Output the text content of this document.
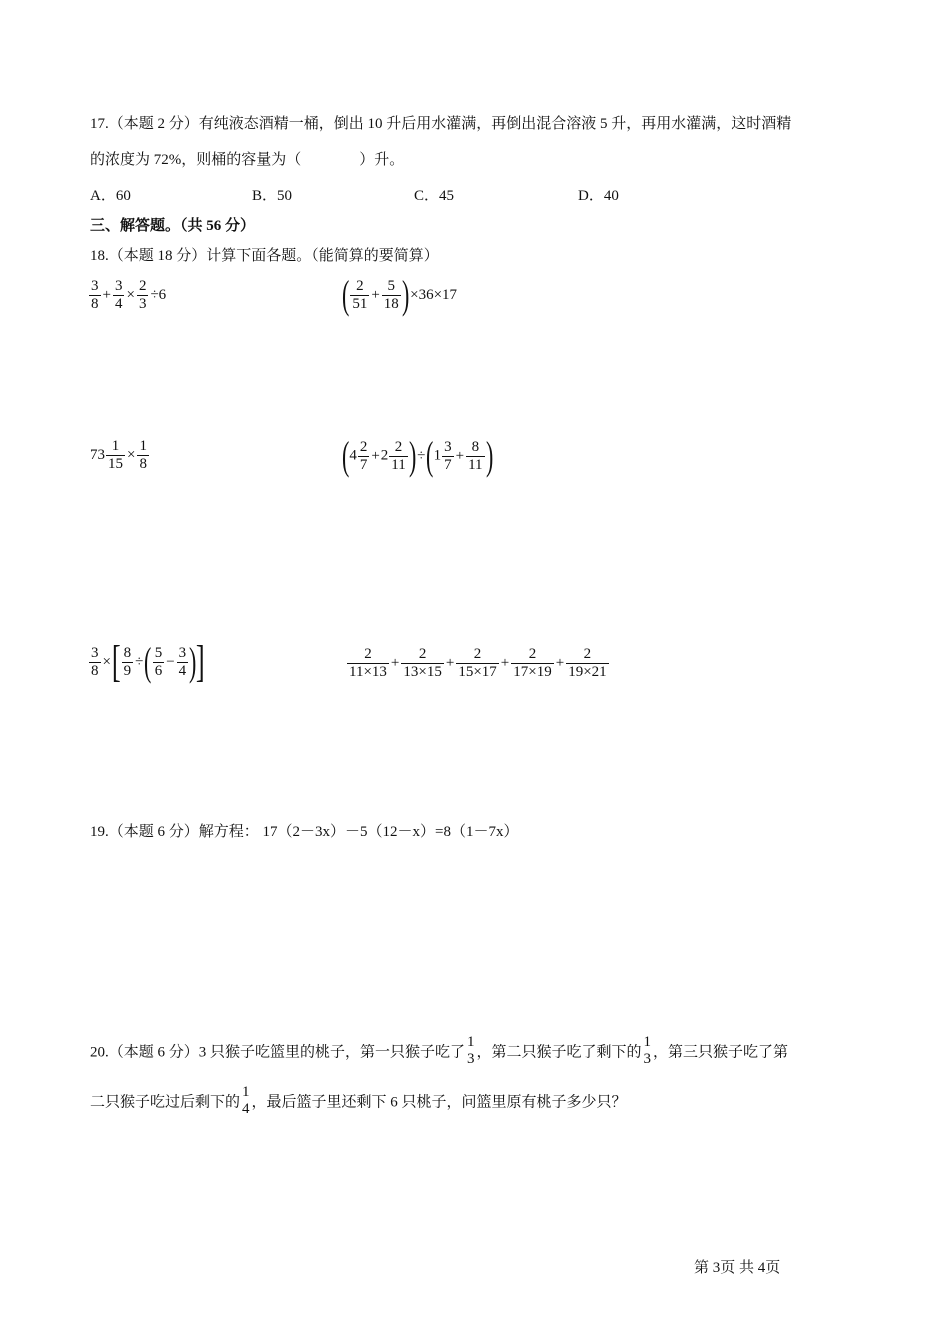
17.（本题 2 分）有纯液态酒精一桶，倒出 10 升后用水灌满，再倒出混合溶液 5 升，再用水灌满，这时酒精
的浓度为 72%，则桶的容量为（	）升。
A．60	B．50	C．45	D．40
三、解答题。（共 56 分）
18.（本题 18 分）计算下面各题。（能简算的要简算）
$\frac{3}{8} + \frac{3}{4} \times \frac{2}{3} \div 6$	( $\frac{2}{51} + \frac{5}{18} )\times 36\times 17$
$73 \frac{1}{15} \times \frac{1}{8}$	$(4 \frac{2}{7} +2 \frac{2}{11} )\div(1 \frac{3}{7} + \frac{8}{11}$ )
$\frac{3}{8}$ ×[ $\frac{8}{9}$ ÷( $\frac{5}{6} - \frac{3}{4}$ )]	$\frac{2}{11\times 13} + \frac{2}{13\times 15} + \frac{2}{15\times 17} + \frac{2}{17\times 19} + \frac{2}{19\times 21}$
19.（本题 6 分）解方程： 17（2－3x）－5（12－x）=8（1－7x）
20.（本题 6 分）3 只猴子吃篮里的桃子，第一只猴子吃了
1
3 ，第二只猴子吃了剩下的
1
3 ，第三只猴子吃了第
二只猴子吃过后剩下的
1
4 ，最后篮子里还剩下 6 只桃子，问篮里原有桃子多少只？
第 3页 共 4页
